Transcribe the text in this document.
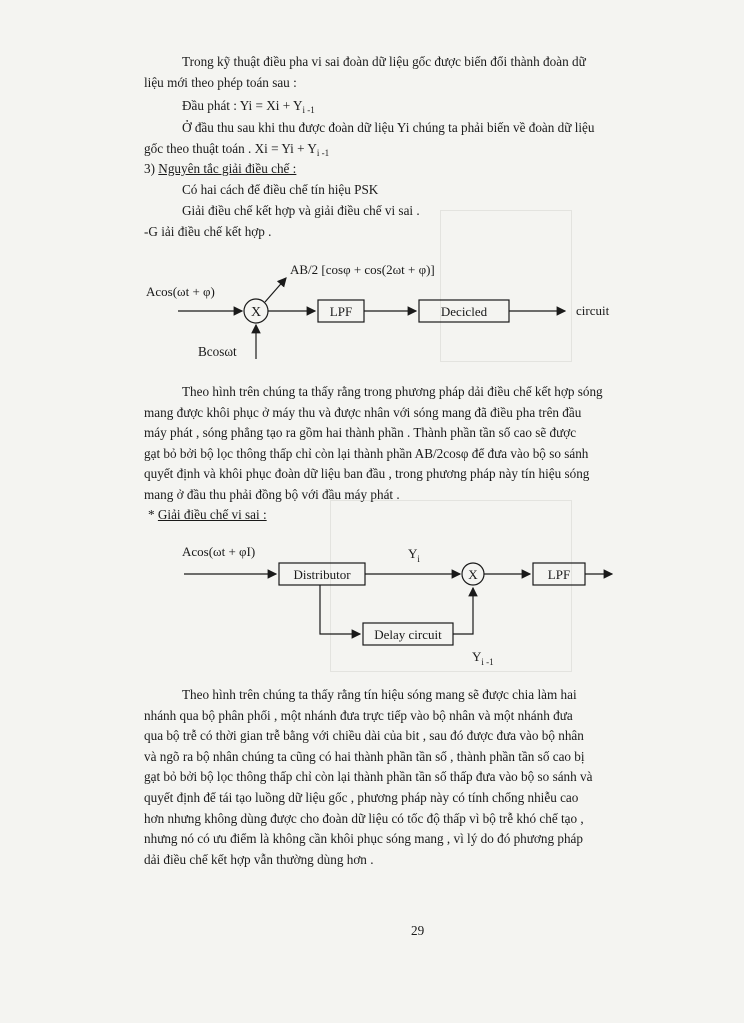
Trong kỹ thuật điều pha vi sai đoàn dữ liệu gốc được biến đổi thành đoàn dữ
liệu mới theo phép toán sau :
Đầu phát : $Yi = Xi + Y_{i -1}$
Ở đầu thu sau khi thu được đoàn dữ liệu Yi chúng ta phải biến về đoàn dữ liệu
gốc theo thuật toán . $Xi = Yi + Y_{i -1}$
3) Nguyên tắc giải điều chế :
Có hai cách để điều chế tín hiệu PSK
Giải điều chế kết hợp và giải điều chế vi sai .
-G iải điều chế kết hợp .
AB/2 [cosφ + cos(2ωt + φ)]
Acos(ωt + φ)
X	LPF	Decicled	circuit
Bcosωt
Theo hình trên chúng ta thấy rằng trong phương pháp dải điều chế kết hợp sóng
mang được khôi phục ở máy thu và được nhân với sóng mang đã điều pha trên đầu
máy phát , sóng phẳng tạo ra gồm hai thành phần . Thành phần tần số cao sẽ được
gạt bỏ bởi bộ lọc thông thấp chỉ còn lại thành phần AB/2cosφ để đưa vào bộ so sánh
quyết định và khôi phục đoàn dữ liệu ban đầu , trong phương pháp này tín hiệu sóng
mang ở đầu thu phải đồng bộ với đầu máy phát .
* Giải điều chế vi sai :
Acos(ωt + φI)	$Y_i$
Distributor	X	LPF
Delay circuit
$Y_{i -1}$
Theo hình trên chúng ta thấy rằng tín hiệu sóng mang sẽ được chia làm hai
nhánh qua bộ phân phối , một nhánh đưa trực tiếp vào bộ nhân và một nhánh đưa
qua bộ trễ có thời gian trễ bằng với chiều dài của bit , sau đó được đưa vào bộ nhân
và ngõ ra bộ nhân chúng ta cũng có hai thành phần tần số , thành phần tần số cao bị
gạt bỏ bởi bộ lọc thông thấp chỉ còn lại thành phần tần số thấp đưa vào bộ so sánh và
quyết định để tái tạo luồng dữ liệu gốc , phương pháp này có tính chống nhiễu cao
hơn nhưng không dùng được cho đoàn dữ liệu có tốc độ thấp vì bộ trễ khó chế tạo ,
nhưng nó có ưu điểm là không cần khôi phục sóng mang , vì lý do đó phương pháp
dải điều chế kết hợp vẫn thường dùng hơn .
29
